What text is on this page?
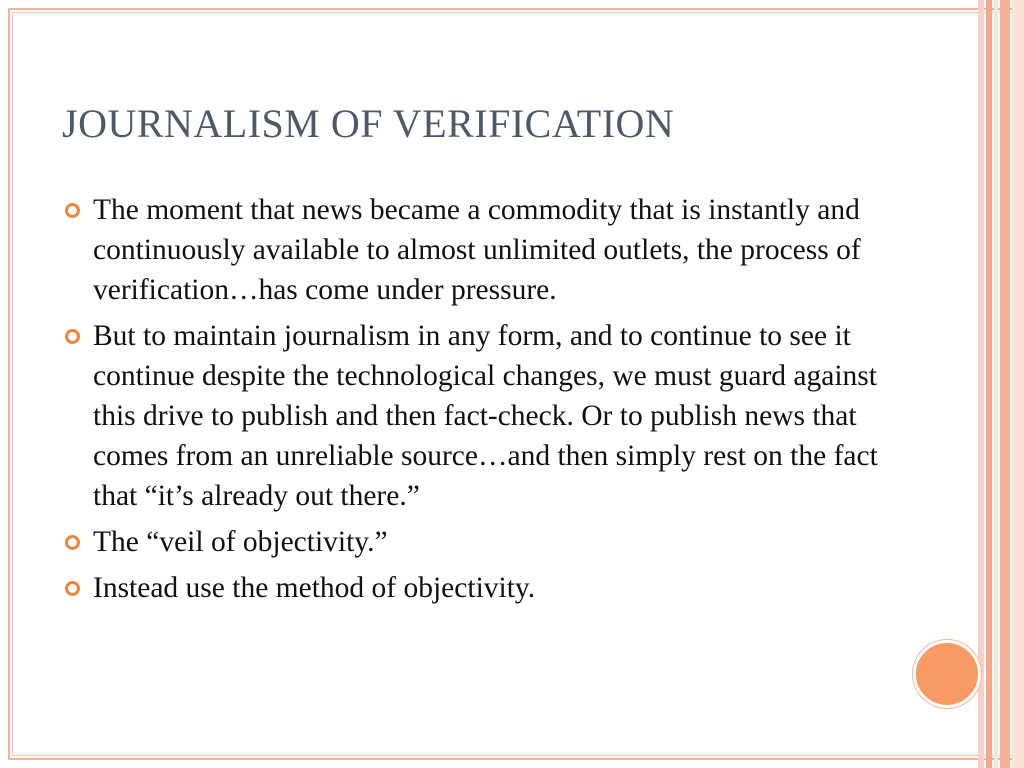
JOURNALISM OF VERIFICATION
The moment that news became a commodity that is instantly and continuously available to almost unlimited outlets, the process of verification…has come under pressure.
But to maintain journalism in any form, and to continue to see it continue despite the technological changes, we must guard against this drive to publish and then fact-check. Or to publish news that comes from an unreliable source…and then simply rest on the fact that “it’s already out there.”
The “veil of objectivity.”
Instead use the method of objectivity.
